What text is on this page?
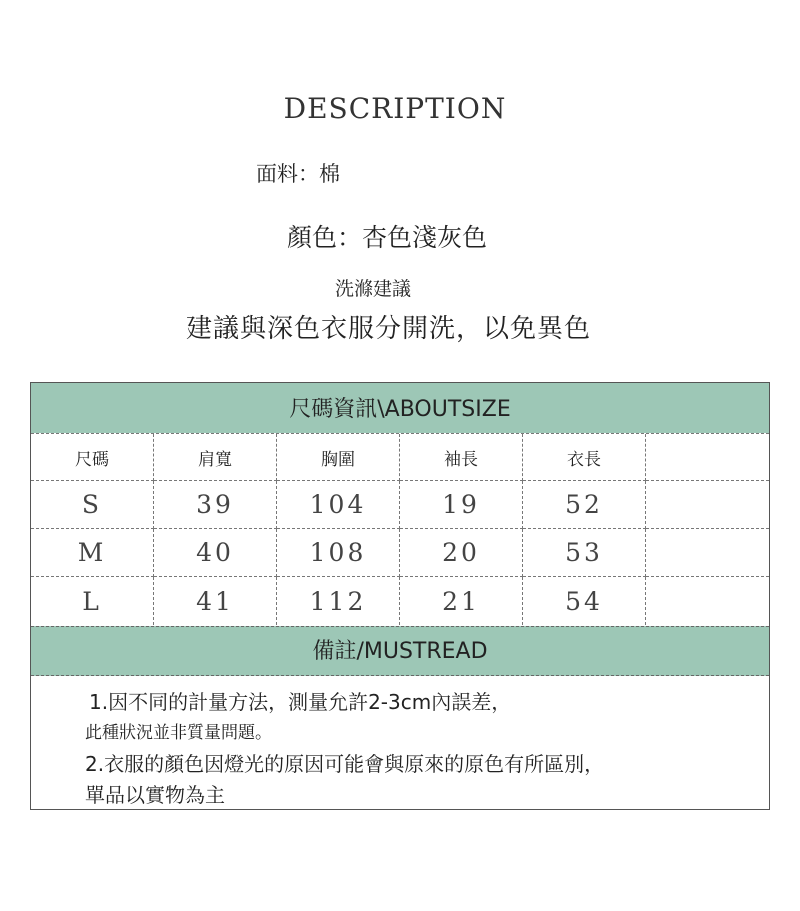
DESCRIPTION
面料：棉
顏色：杏色淺灰色
洗滌建議
建議與深色衣服分開洗，以免異色
尺碼資訊\ABOUTSIZE
尺碼	肩寬	胸圍	袖長	衣長
S	39	104	19	52
M	40	108	20	53
L	41	112	21	54
備註/MUSTREAD
1.因不同的計量方法，測量允許2-3cm內誤差，
此種狀況並非質量問題。
2.衣服的顏色因燈光的原因可能會與原來的原色有所區別，
單品以實物為主
